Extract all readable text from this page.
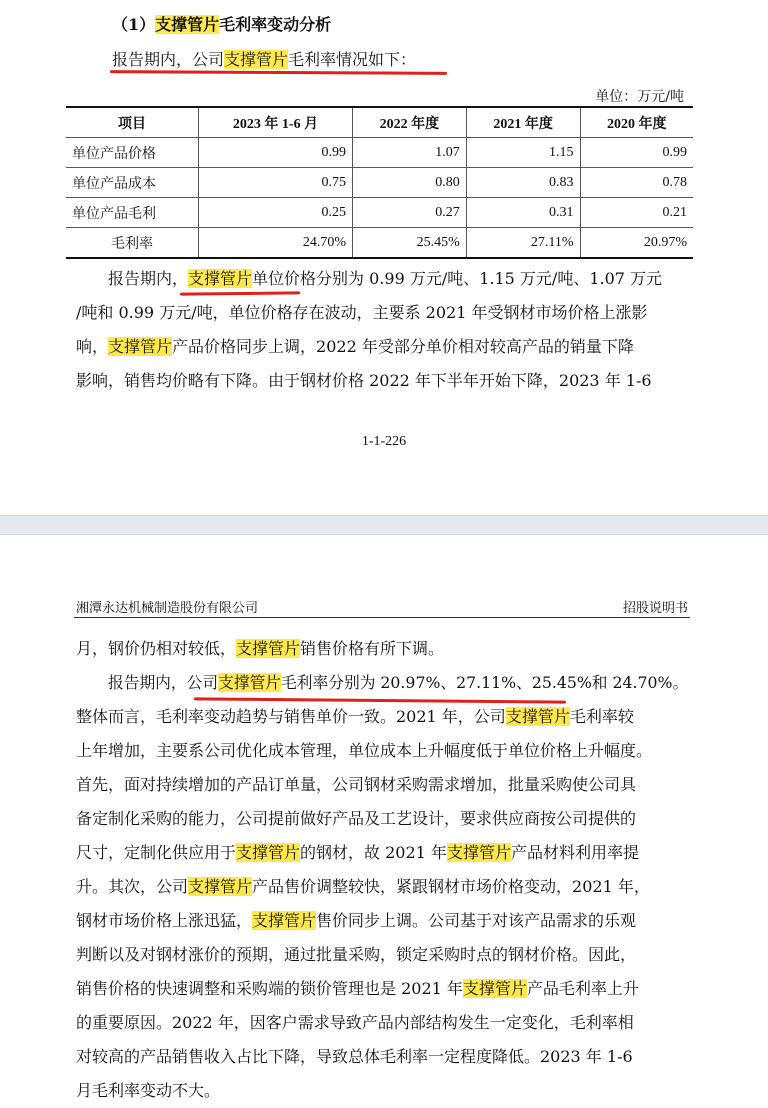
（1）支撑管片毛利率变动分析
报告期内，公司支撑管片毛利率情况如下：
单位：万元/吨
项目	2023 年 1-6 月	2022 年度	2021 年度	2020 年度
单位产品价格	0.99	1.07	1.15	0.99
单位产品成本	0.75	0.80	0.83	0.78
单位产品毛利	0.25	0.27	0.31	0.21
毛利率	24.70%	25.45%	27.11%	20.97%
报告期内，支撑管片单位价格分别为 0.99 万元/吨、1.15 万元/吨、1.07 万元
/吨和 0.99 万元/吨，单位价格存在波动，主要系 2021 年受钢材市场价格上涨影
响，支撑管片产品价格同步上调，2022 年受部分单价相对较高产品的销量下降
影响，销售均价略有下降。由于钢材价格 2022 年下半年开始下降，2023 年 1-6
1-1-226
湘潭永达机械制造股份有限公司	招股说明书
月，钢价仍相对较低，支撑管片销售价格有所下调。
报告期内，公司支撑管片毛利率分别为 20.97%、27.11%、25.45%和 24.70%。
整体而言，毛利率变动趋势与销售单价一致。2021 年，公司支撑管片毛利率较
上年增加，主要系公司优化成本管理，单位成本上升幅度低于单位价格上升幅度。
首先，面对持续增加的产品订单量，公司钢材采购需求增加，批量采购使公司具
备定制化采购的能力，公司提前做好产品及工艺设计，要求供应商按公司提供的
尺寸，定制化供应用于支撑管片的钢材，故 2021 年支撑管片产品材料利用率提
升。其次，公司支撑管片产品售价调整较快，紧跟钢材市场价格变动，2021 年，
钢材市场价格上涨迅猛，支撑管片售价同步上调。公司基于对该产品需求的乐观
判断以及对钢材涨价的预期，通过批量采购，锁定采购时点的钢材价格。因此，
销售价格的快速调整和采购端的锁价管理也是 2021 年支撑管片产品毛利率上升
的重要原因。2022 年，因客户需求导致产品内部结构发生一定变化，毛利率相
对较高的产品销售收入占比下降，导致总体毛利率一定程度降低。2023 年 1-6
月毛利率变动不大。
